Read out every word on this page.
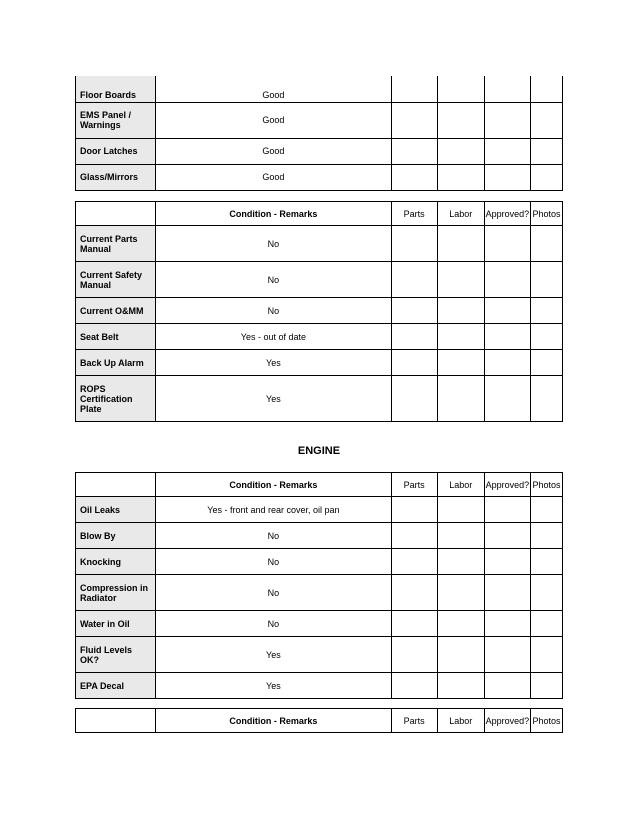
Floor Boards	Good				
EMS Panel / Warnings	Good				
Door Latches	Good				
Glass/Mirrors	Good				
	Condition - Remarks	Parts	Labor	Approved?	Photos
Current Parts Manual	No				
Current Safety Manual	No				
Current O&MM	No				
Seat Belt	Yes - out of date				
Back Up Alarm	Yes				
ROPS Certification Plate	Yes				
ENGINE
	Condition - Remarks	Parts	Labor	Approved?	Photos
Oil Leaks	Yes - front and rear cover, oil pan				
Blow By	No				
Knocking	No				
Compression in Radiator	No				
Water in Oil	No				
Fluid Levels OK?	Yes				
EPA Decal	Yes				
	Condition - Remarks	Parts	Labor	Approved?	Photos
